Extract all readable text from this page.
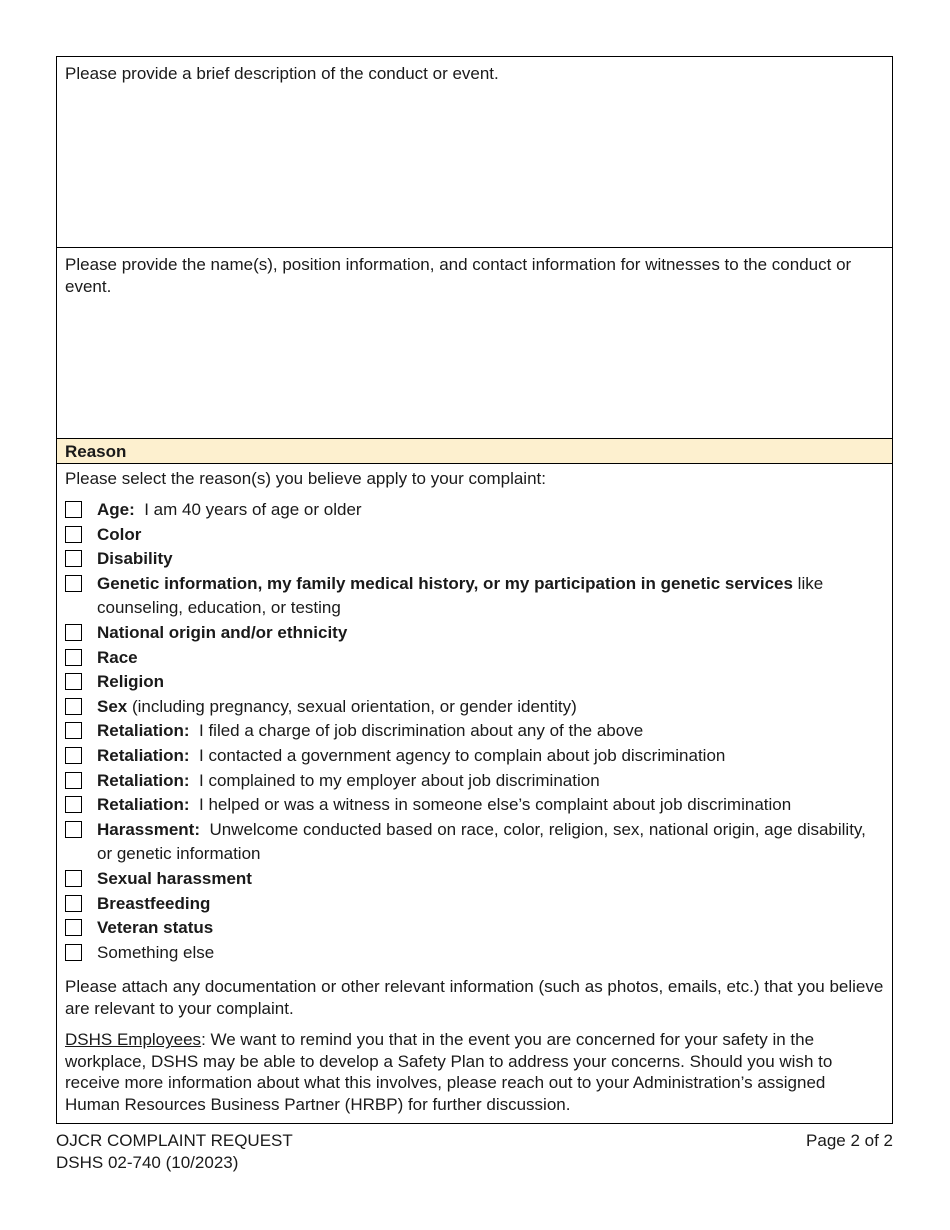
Please provide a brief description of the conduct or event.
Please provide the name(s), position information, and contact information for witnesses to the conduct or event.
Reason
Please select the reason(s) you believe apply to your complaint:
Age:  I am 40 years of age or older
Color
Disability
Genetic information, my family medical history, or my participation in genetic services like counseling, education, or testing
National origin and/or ethnicity
Race
Religion
Sex (including pregnancy, sexual orientation, or gender identity)
Retaliation:  I filed a charge of job discrimination about any of the above
Retaliation:  I contacted a government agency to complain about job discrimination
Retaliation:  I complained to my employer about job discrimination
Retaliation:  I helped or was a witness in someone else’s complaint about job discrimination
Harassment:  Unwelcome conducted based on race, color, religion, sex, national origin, age disability, or genetic information
Sexual harassment
Breastfeeding
Veteran status
Something else
Please attach any documentation or other relevant information (such as photos, emails, etc.) that you believe are relevant to your complaint.
DSHS Employees: We want to remind you that in the event you are concerned for your safety in the workplace, DSHS may be able to develop a Safety Plan to address your concerns. Should you wish to receive more information about what this involves, please reach out to your Administration’s assigned Human Resources Business Partner (HRBP) for further discussion.
OJCR COMPLAINT REQUEST
DSHS 02-740 (10/2023)
Page 2 of 2
